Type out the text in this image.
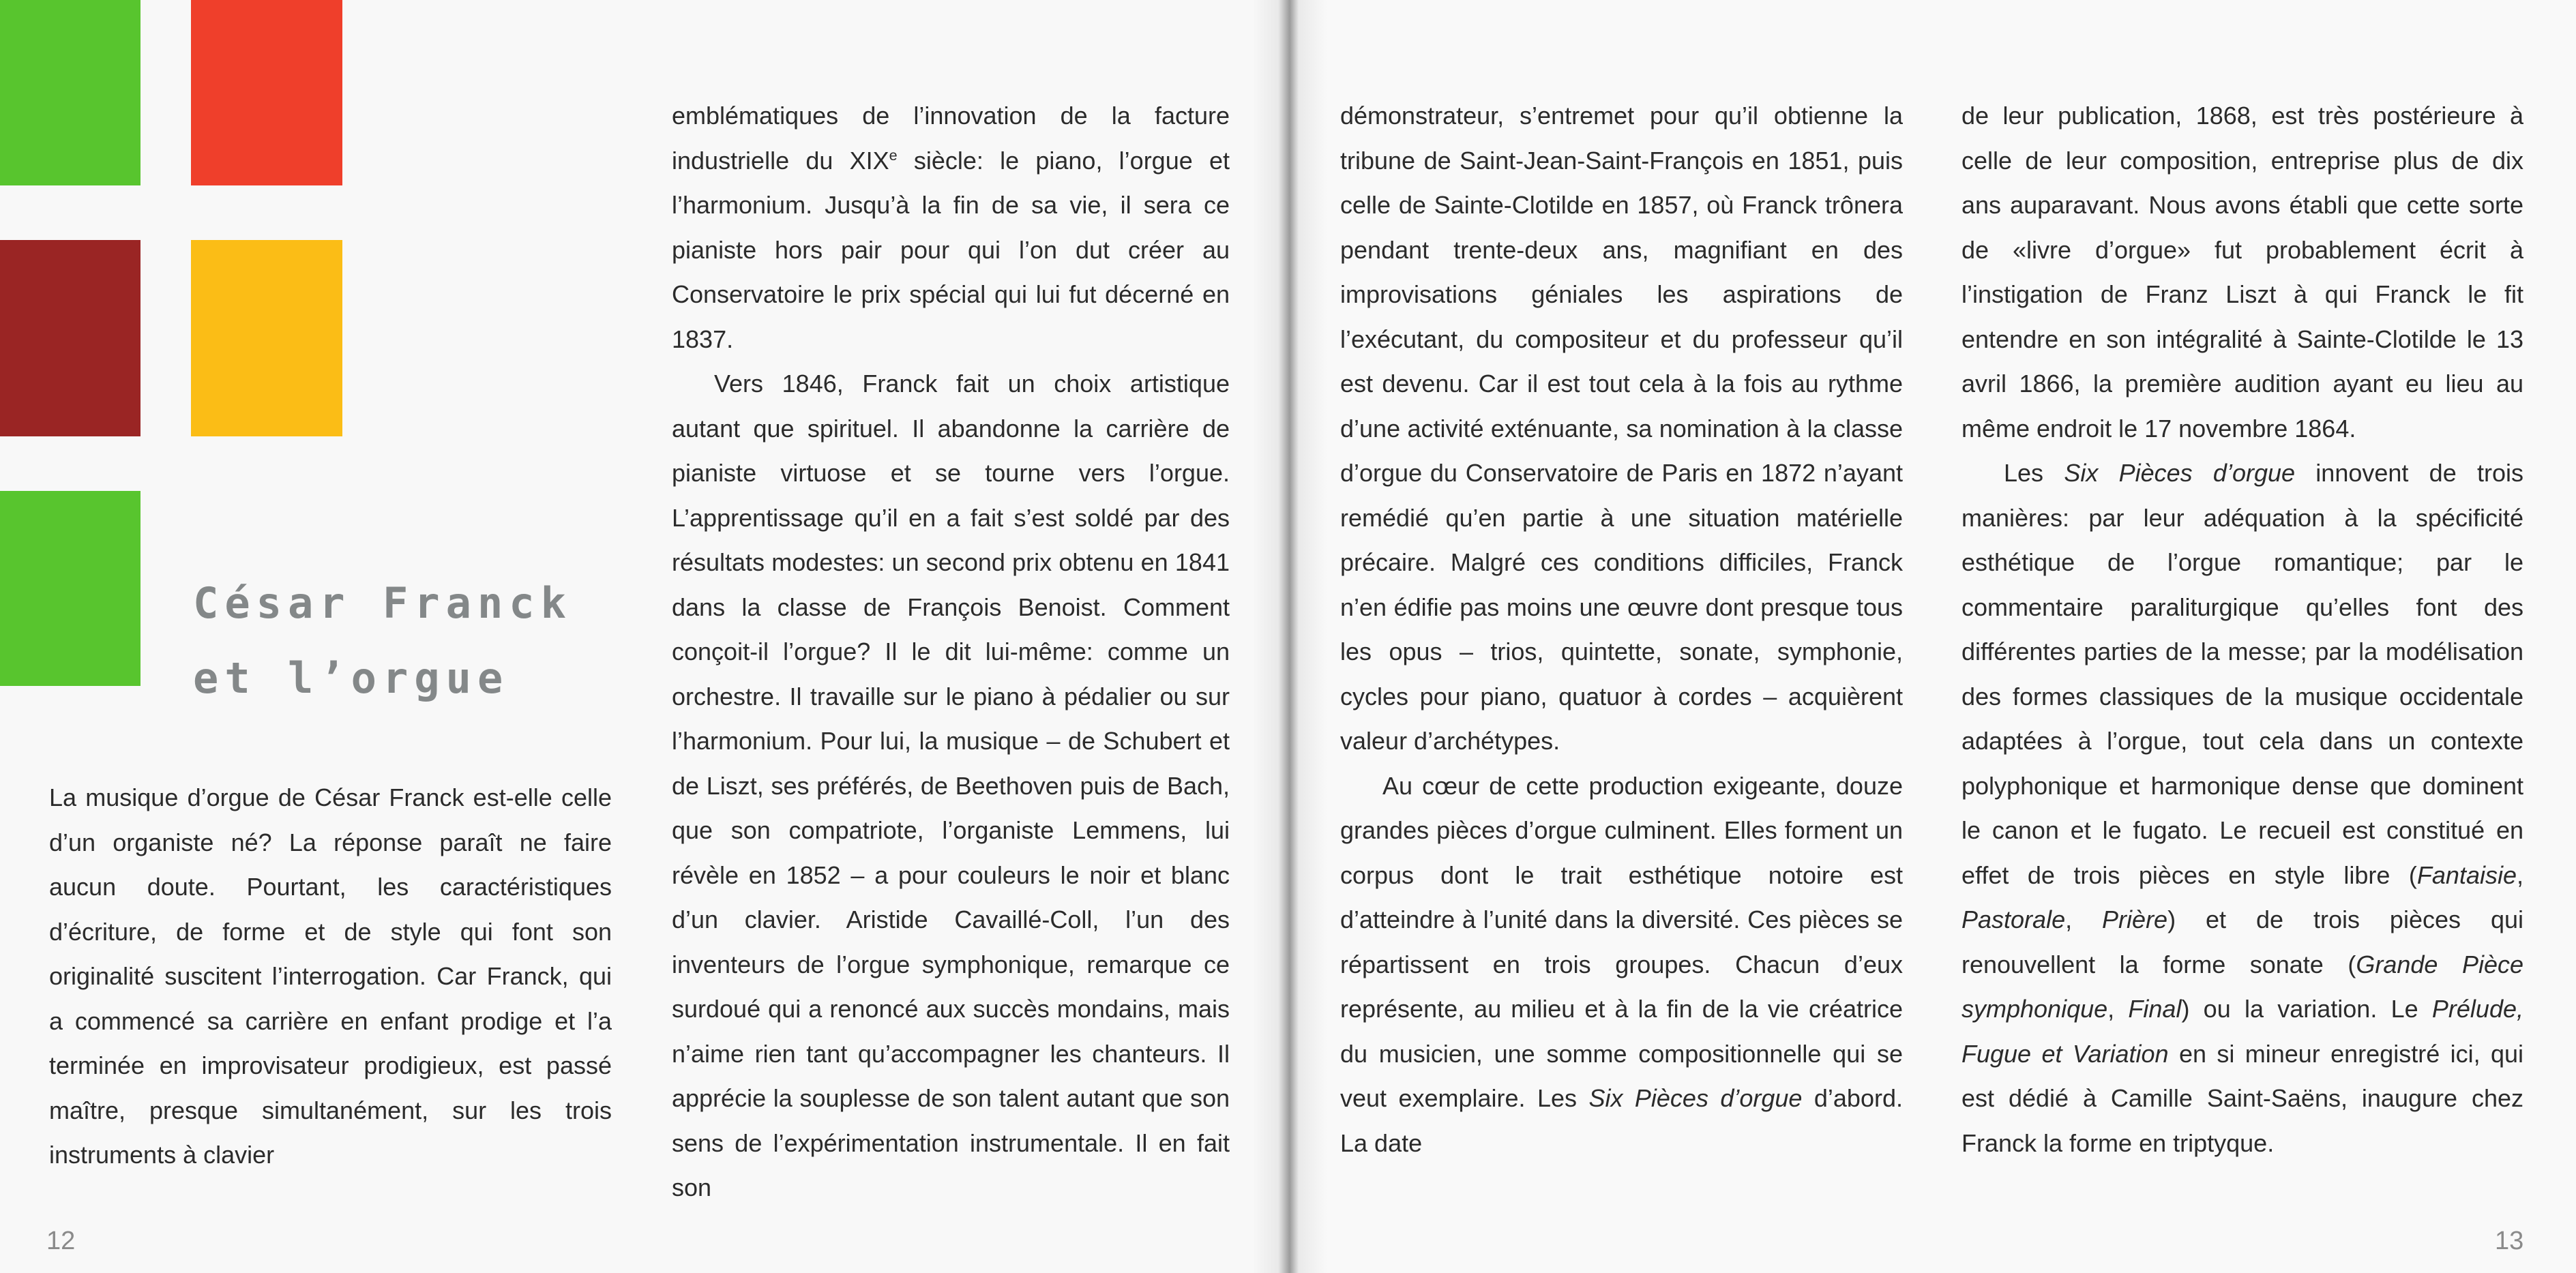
César Franck
et l’orgue

La musique d’orgue de César Franck est-elle celle d’un organiste né? La réponse paraît ne faire aucun doute. Pourtant, les caractéristiques d’écriture, de forme et de style qui font son originalité suscitent l’interrogation. Car Franck, qui a commencé sa carrière en enfant prodige et l’a terminée en improvisateur prodigieux, est passé maître, presque simultanément, sur les trois instruments à clavier

emblématiques de l’innovation de la facture industrielle du XIXe siècle: le piano, l’orgue et l’harmonium. Jusqu’à la fin de sa vie, il sera ce pianiste hors pair pour qui l’on dut créer au Conservatoire le prix spécial qui lui fut décerné en 1837.

Vers 1846, Franck fait un choix artistique autant que spirituel. Il abandonne la carrière de pianiste virtuose et se tourne vers l’orgue. L’apprentissage qu’il en a fait s’est soldé par des résultats modestes: un second prix obtenu en 1841 dans la classe de François Benoist. Comment conçoit-il l’orgue? Il le dit lui-même: comme un orchestre. Il travaille sur le piano à pédalier ou sur l’harmonium. Pour lui, la musique – de Schubert et de Liszt, ses préférés, de Beethoven puis de Bach, que son compatriote, l’organiste Lemmens, lui révèle en 1852 – a pour couleurs le noir et blanc d’un clavier. Aristide Cavaillé-Coll, l’un des inventeurs de l’orgue symphonique, remarque ce surdoué qui a renoncé aux succès mondains, mais n’aime rien tant qu’accompagner les chanteurs. Il apprécie la souplesse de son talent autant que son sens de l’expérimentation instrumentale. Il en fait son

démonstrateur, s’entremet pour qu’il obtienne la tribune de Saint-Jean-Saint-François en 1851, puis celle de Sainte-Clotilde en 1857, où Franck trônera pendant trente-deux ans, magnifiant en des improvisations géniales les aspirations de l’exécutant, du compositeur et du professeur qu’il est devenu. Car il est tout cela à la fois au rythme d’une activité exténuante, sa nomination à la classe d’orgue du Conservatoire de Paris en 1872 n’ayant remédié qu’en partie à une situation matérielle précaire. Malgré ces conditions difficiles, Franck n’en édifie pas moins une œuvre dont presque tous les opus – trios, quintette, sonate, symphonie, cycles pour piano, quatuor à cordes – acquièrent valeur d’archétypes.

Au cœur de cette production exigeante, douze grandes pièces d’orgue culminent. Elles forment un corpus dont le trait esthétique notoire est d’atteindre à l’unité dans la diversité. Ces pièces se répartissent en trois groupes. Chacun d’eux représente, au milieu et à la fin de la vie créatrice du musicien, une somme compositionnelle qui se veut exemplaire. Les Six Pièces d’orgue d’abord. La date

de leur publication, 1868, est très postérieure à celle de leur composition, entreprise plus de dix ans auparavant. Nous avons établi que cette sorte de «livre d’orgue» fut probablement écrit à l’instigation de Franz Liszt à qui Franck le fit entendre en son intégralité à Sainte-Clotilde le 13 avril 1866, la première audition ayant eu lieu au même endroit le 17 novembre 1864.

Les Six Pièces d’orgue innovent de trois manières: par leur adéquation à la spécificité esthétique de l’orgue romantique; par le commentaire paraliturgique qu’elles font des différentes parties de la messe; par la modélisation des formes classiques de la musique occidentale adaptées à l’orgue, tout cela dans un contexte polyphonique et harmonique dense que dominent le canon et le fugato. Le recueil est constitué en effet de trois pièces en style libre (Fantaisie, Pastorale, Prière) et de trois pièces qui renouvellent la forme sonate (Grande Pièce symphonique, Final) ou la variation. Le Prélude, Fugue et Variation en si mineur enregistré ici, qui est dédié à Camille Saint-Saëns, inaugure chez Franck la forme en triptyque.

12	13
